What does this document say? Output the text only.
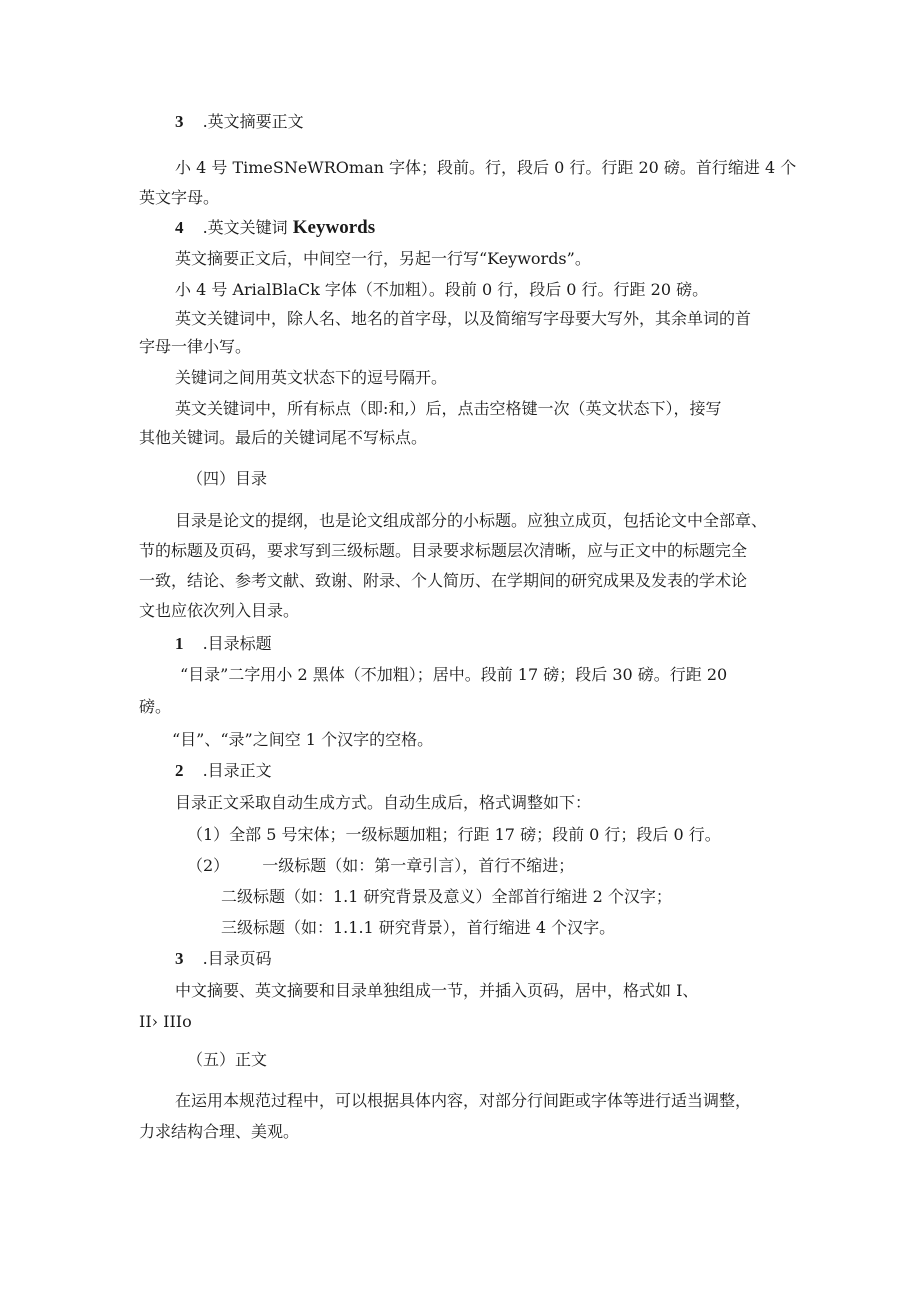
3 .英文摘要正文

小 4 号 TimeSNeWROman 字体；段前。行，段后 0 行。行距 20 磅。首行缩进 4 个

英文字母。

4 .英文关键词 Keywords

英文摘要正文后，中间空一行，另起一行写“Keywords”。

小 4 号 ArialBlaCk 字体（不加粗）。段前 0 行，段后 0 行。行距 20 磅。

英文关键词中，除人名、地名的首字母，以及简缩写字母要大写外，其余单词的首

字母一律小写。

关键词之间用英文状态下的逗号隔开。

英文关键词中，所有标点（即:和,）后，点击空格键一次（英文状态下），接写

其他关键词。最后的关键词尾不写标点。

（四）目录

目录是论文的提纲，也是论文组成部分的小标题。应独立成页，包括论文中全部章、

节的标题及页码，要求写到三级标题。目录要求标题层次清晰，应与正文中的标题完全

一致，结论、参考文献、致谢、附录、个人简历、在学期间的研究成果及发表的学术论

文也应依次列入目录。

1 .目录标题

“目录”二字用小 2 黑体（不加粗）；居中。段前 17 磅；段后 30 磅。行距 20

磅。

“目”、“录”之间空 1 个汉字的空格。

2 .目录正文

目录正文采取自动生成方式。自动生成后，格式调整如下：

（1）全部 5 号宋体；一级标题加粗；行距 17 磅；段前 0 行；段后 0 行。

（2） 一级标题（如：第一章引言），首行不缩进；

二级标题（如：1.1 研究背景及意义）全部首行缩进 2 个汉字；

三级标题（如：1.1.1 研究背景），首行缩进 4 个汉字。

3 .目录页码

中文摘要、英文摘要和目录单独组成一节，并插入页码，居中，格式如 I、

II› IIIo

（五）正文

在运用本规范过程中，可以根据具体内容，对部分行间距或字体等进行适当调整，

力求结构合理、美观。
